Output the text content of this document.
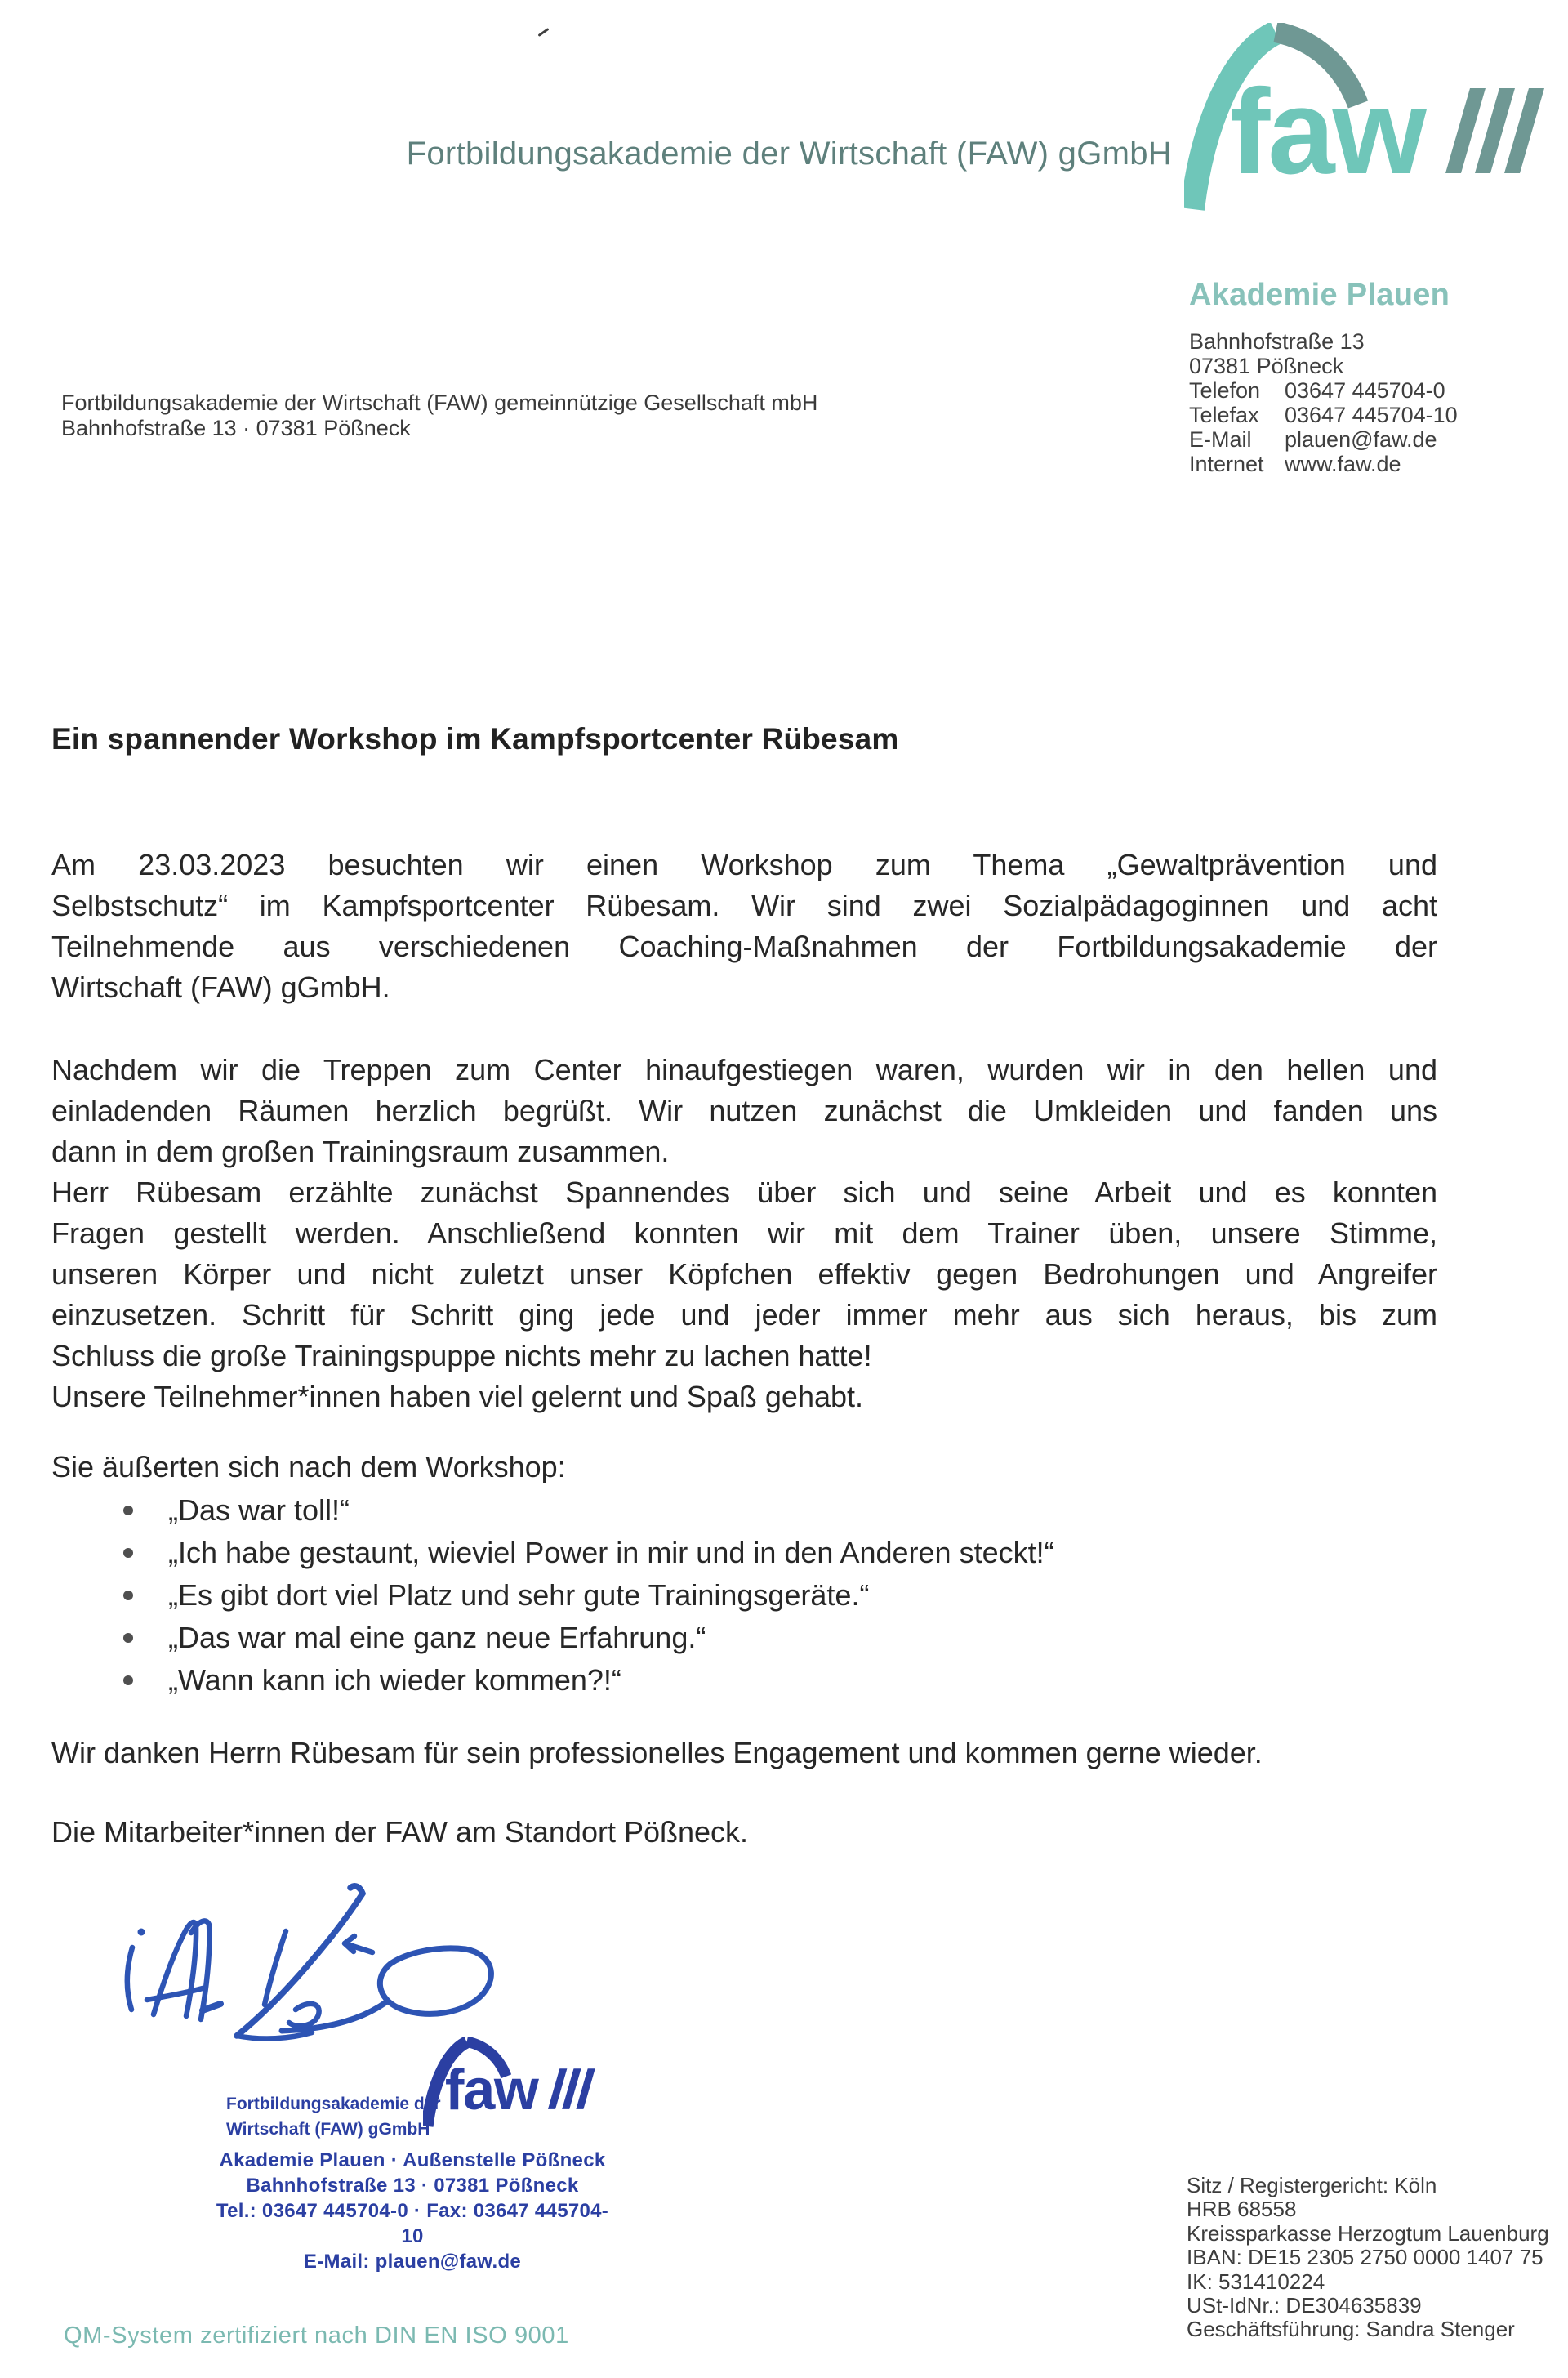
Fortbildungsakademie der Wirtschaft (FAW) gGmbH faw
Akademie Plauen
Bahnhofstraße 13
07381 Pößneck
Telefon 03647 445704-0
Telefax 03647 445704-10
E-Mail plauen@faw.de
Internet www.faw.de
Fortbildungsakademie der Wirtschaft (FAW) gemeinnützige Gesellschaft mbH
Bahnhofstraße 13 · 07381 Pößneck
Ein spannender Workshop im Kampfsportcenter Rübesam
Am 23.03.2023 besuchten wir einen Workshop zum Thema „Gewaltprävention und
Selbstschutz“ im Kampfsportcenter Rübesam. Wir sind zwei Sozialpädagoginnen und acht
Teilnehmende aus verschiedenen Coaching-Maßnahmen der Fortbildungsakademie der
Wirtschaft (FAW) gGmbH.
Nachdem wir die Treppen zum Center hinaufgestiegen waren, wurden wir in den hellen und
einladenden Räumen herzlich begrüßt. Wir nutzen zunächst die Umkleiden und fanden uns
dann in dem großen Trainingsraum zusammen.
Herr Rübesam erzählte zunächst Spannendes über sich und seine Arbeit und es konnten
Fragen gestellt werden. Anschließend konnten wir mit dem Trainer üben, unsere Stimme,
unseren Körper und nicht zuletzt unser Köpfchen effektiv gegen Bedrohungen und Angreifer
einzusetzen. Schritt für Schritt ging jede und jeder immer mehr aus sich heraus, bis zum
Schluss die große Trainingspuppe nichts mehr zu lachen hatte!
Unsere Teilnehmer*innen haben viel gelernt und Spaß gehabt.
Sie äußerten sich nach dem Workshop:
„Das war toll!“
„Ich habe gestaunt, wieviel Power in mir und in den Anderen steckt!“
„Es gibt dort viel Platz und sehr gute Trainingsgeräte.“
„Das war mal eine ganz neue Erfahrung.“
„Wann kann ich wieder kommen?!“
Wir danken Herrn Rübesam für sein professionelles Engagement und kommen gerne wieder.
Die Mitarbeiter*innen der FAW am Standort Pößneck.
Fortbildungsakademie der
Wirtschaft (FAW) gGmbH
faw
Akademie Plauen · Außenstelle Pößneck
Bahnhofstraße 13 · 07381 Pößneck
Tel.: 03647 445704-0 · Fax: 03647 445704-10
E-Mail: plauen@faw.de
Sitz / Registergericht: Köln
HRB 68558
Kreissparkasse Herzogtum Lauenburg
IBAN: DE15 2305 2750 0000 1407 75
IK: 531410224
USt-IdNr.: DE304635839
Geschäftsführung: Sandra Stenger
QM-System zertifiziert nach DIN EN ISO 9001
